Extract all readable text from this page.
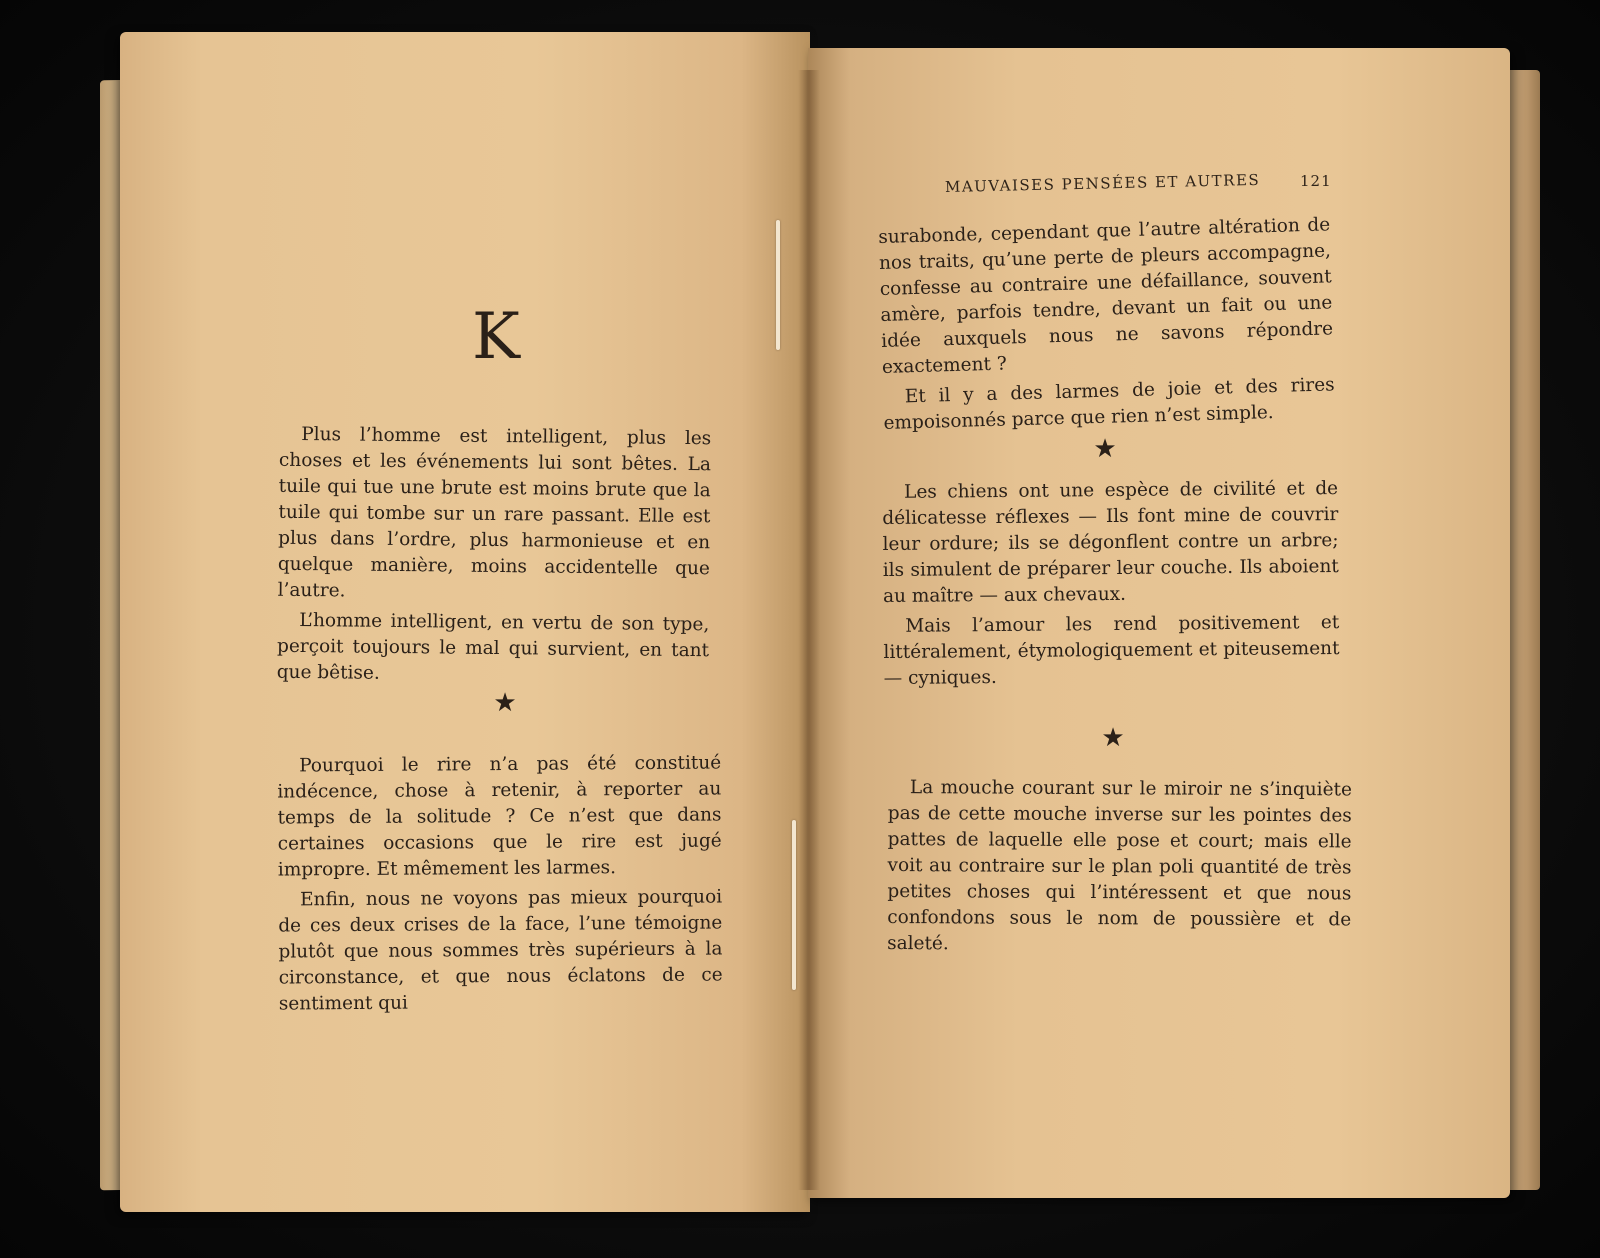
K

Plus l’homme est intelligent, plus les choses et les événements lui sont bêtes. La tuile qui tue une brute est moins brute que la tuile qui tombe sur un rare passant. Elle est plus dans l’ordre, plus harmonieuse et en quelque manière, moins accidentelle que l’autre.

L’homme intelligent, en vertu de son type, perçoit toujours le mal qui survient, en tant que bêtise.

★

Pourquoi le rire n’a pas été constitué indécence, chose à retenir, à reporter au temps de la solitude ? Ce n’est que dans certaines occasions que le rire est jugé impropre. Et mêmement les larmes.

Enfin, nous ne voyons pas mieux pourquoi de ces deux crises de la face, l’une témoigne plutôt que nous sommes très supérieurs à la circonstance, et que nous éclatons de ce sentiment qui

MAUVAISES PENSÉES ET AUTRES	121

surabonde, cependant que l’autre altération de nos traits, qu’une perte de pleurs accompagne, confesse au contraire une défaillance, souvent amère, parfois tendre, devant un fait ou une idée auxquels nous ne savons répondre exactement ?

Et il y a des larmes de joie et des rires empoisonnés parce que rien n’est simple.

★

Les chiens ont une espèce de civilité et de délicatesse réflexes — Ils font mine de couvrir leur ordure; ils se dégonflent contre un arbre; ils simulent de préparer leur couche. Ils aboient au maître — aux chevaux.

Mais l’amour les rend positivement et littéralement, étymologiquement et piteusement — cyniques.

★

La mouche courant sur le miroir ne s’inquiète pas de cette mouche inverse sur les pointes des pattes de laquelle elle pose et court; mais elle voit au contraire sur le plan poli quantité de très petites choses qui l’intéressent et que nous confondons sous le nom de poussière et de saleté.
